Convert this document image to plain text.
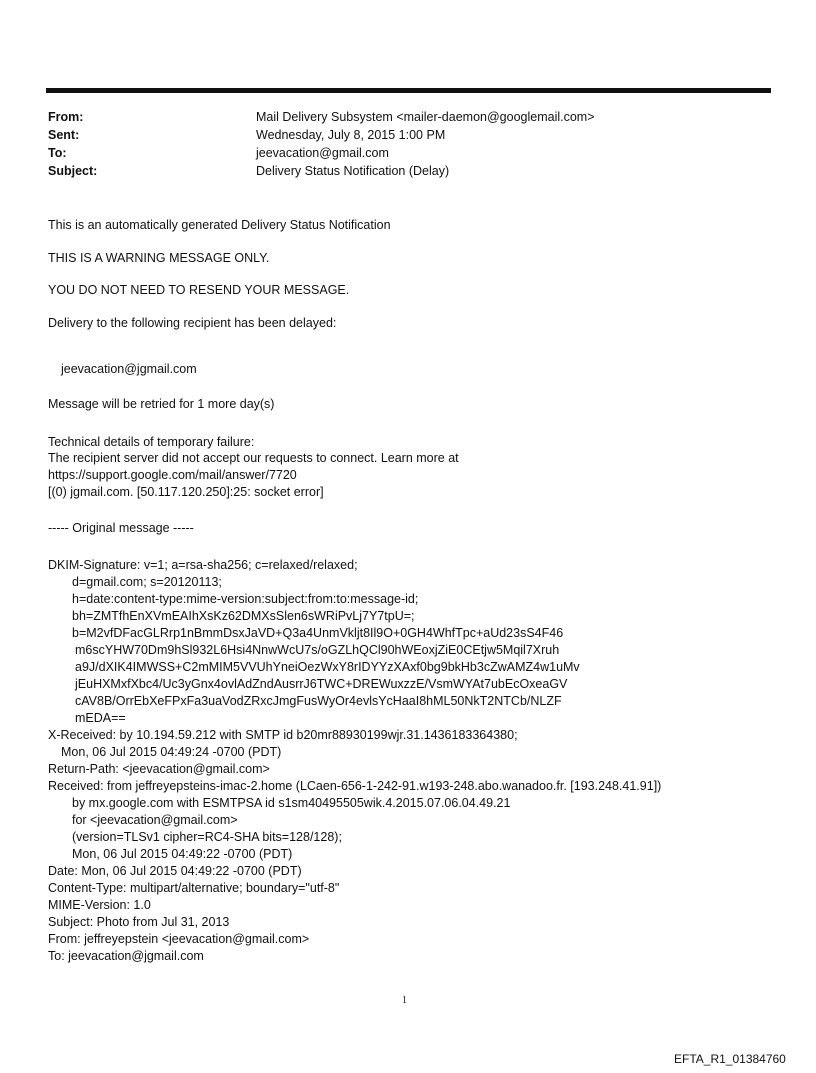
From:	Mail Delivery Subsystem <mailer-daemon@googlemail.com>
Sent:	Wednesday, July 8, 2015 1:00 PM
To:	jeevacation@gmail.com
Subject:	Delivery Status Notification (Delay)
This is an automatically generated Delivery Status Notification
THIS IS A WARNING MESSAGE ONLY.
YOU DO NOT NEED TO RESEND YOUR MESSAGE.
Delivery to the following recipient has been delayed:
jeevacation@jgmail.com
Message will be retried for 1 more day(s)
Technical details of temporary failure:
The recipient server did not accept our requests to connect. Learn more at
https://support.google.com/mail/answer/7720
[(0) jgmail.com. [50.117.120.250]:25: socket error]
----- Original message -----
DKIM-Signature: v=1; a=rsa-sha256; c=relaxed/relaxed;
d=gmail.com; s=20120113;
h=date:content-type:mime-version:subject:from:to:message-id;
bh=ZMTfhEnXVmEAIhXsKz62DMXsSlen6sWRiPvLj7Y7tpU=;
b=M2vfDFacGLRrp1nBmmDsxJaVD+Q3a4UnmVkljt8Il9O+0GH4WhfTpc+aUd23sS4F46
m6scYHW70Dm9hSl932L6Hsi4NnwWcU7s/oGZLhQCl90hWEoxjZiE0CEtjw5Mqil7Xruh
a9J/dXIK4IMWSS+C2mMIM5VVUhYneiOezWxY8rIDYYzXAxf0bg9bkHb3cZwAMZ4w1uMv
jEuHXMxfXbc4/Uc3yGnx4ovlAdZndAusrrJ6TWC+DREWuxzzE/VsmWYAt7ubEcOxeaGV
cAV8B/OrrEbXeFPxFa3uaVodZRxcJmgFusWyOr4evlsYcHaaI8hML50NkT2NTCb/NLZF
mEDA==
X-Received: by 10.194.59.212 with SMTP id b20mr88930199wjr.31.1436183364380;
Mon, 06 Jul 2015 04:49:24 -0700 (PDT)
Return-Path: <jeevacation@gmail.com>
Received: from jeffreyepsteins-imac-2.home (LCaen-656-1-242-91.w193-248.abo.wanadoo.fr. [193.248.41.91])
by mx.google.com with ESMTPSA id s1sm40495505wik.4.2015.07.06.04.49.21
for <jeevacation@gmail.com>
(version=TLSv1 cipher=RC4-SHA bits=128/128);
Mon, 06 Jul 2015 04:49:22 -0700 (PDT)
Date: Mon, 06 Jul 2015 04:49:22 -0700 (PDT)
Content-Type: multipart/alternative; boundary="utf-8"
MIME-Version: 1.0
Subject: Photo from Jul 31, 2013
From: jeffreyepstein <jeevacation@gmail.com>
To: jeevacation@jgmail.com
1
EFTA_R1_01384760
